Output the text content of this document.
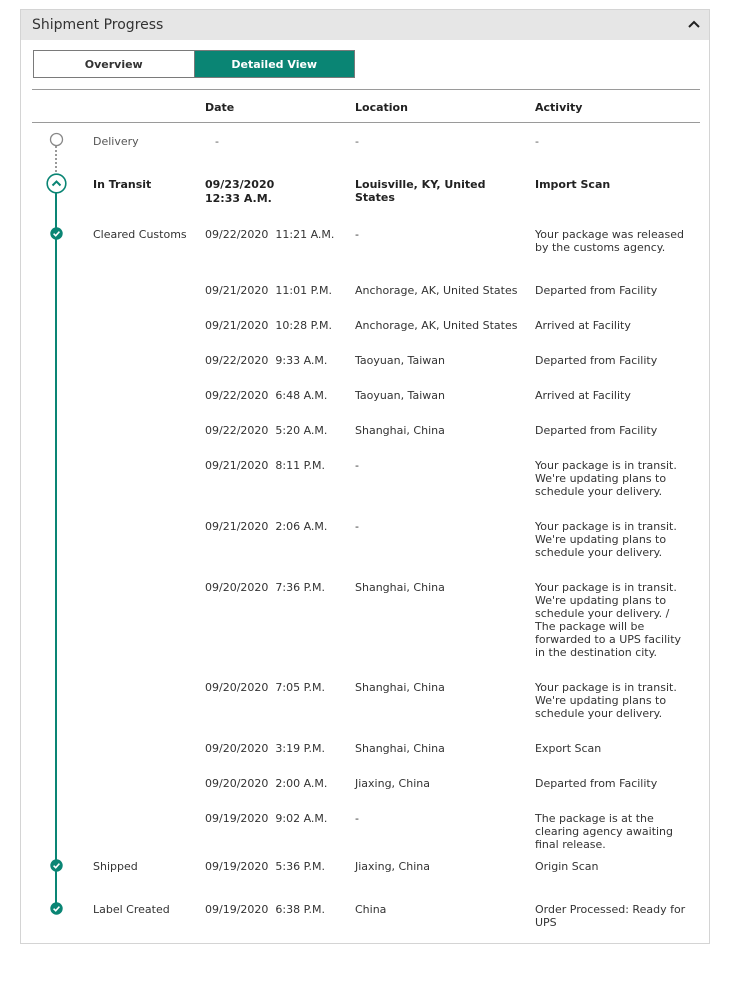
Shipment Progress
Overview	Detailed View
Date	Location	Activity
Delivery	-	-	-
In Transit	09/23/2020
12:33 A.M.
Louisville, KY, United States
Import Scan
Cleared Customs 09/22/2020 11:21 A.M. -	Your package was released by the customs agency.
09/21/2020 11:01 P.M. Anchorage, AK, United States Departed from Facility
09/21/2020 10:28 P.M. Anchorage, AK, United States Arrived at Facility
09/22/2020 9:33 A.M.	Taoyuan, Taiwan	Departed from Facility
09/22/2020 6:48 A.M.	Taoyuan, Taiwan	Arrived at Facility
09/22/2020 5:20 A.M.	Shanghai, China	Departed from Facility
09/21/2020 8:11 P.M.	-	Your package is in transit. We're updating plans to schedule your delivery.
09/21/2020 2:06 A.M.	-	Your package is in transit. We're updating plans to schedule your delivery.
09/20/2020 7:36 P.M.	Shanghai, China	Your package is in transit. We're updating plans to schedule your delivery. / The package will be forwarded to a UPS facility in the destination city.
09/20/2020 7:05 P.M.	Shanghai, China	Your package is in transit. We're updating plans to schedule your delivery.
09/20/2020 3:19 P.M.	Shanghai, China	Export Scan
09/20/2020 2:00 A.M.	Jiaxing, China	Departed from Facility
09/19/2020 9:02 A.M.	-	The package is at the clearing agency awaiting final release.
Shipped	09/19/2020 5:36 P.M.	Jiaxing, China	Origin Scan
Label Created	09/19/2020 6:38 P.M.	China	Order Processed: Ready for UPS
